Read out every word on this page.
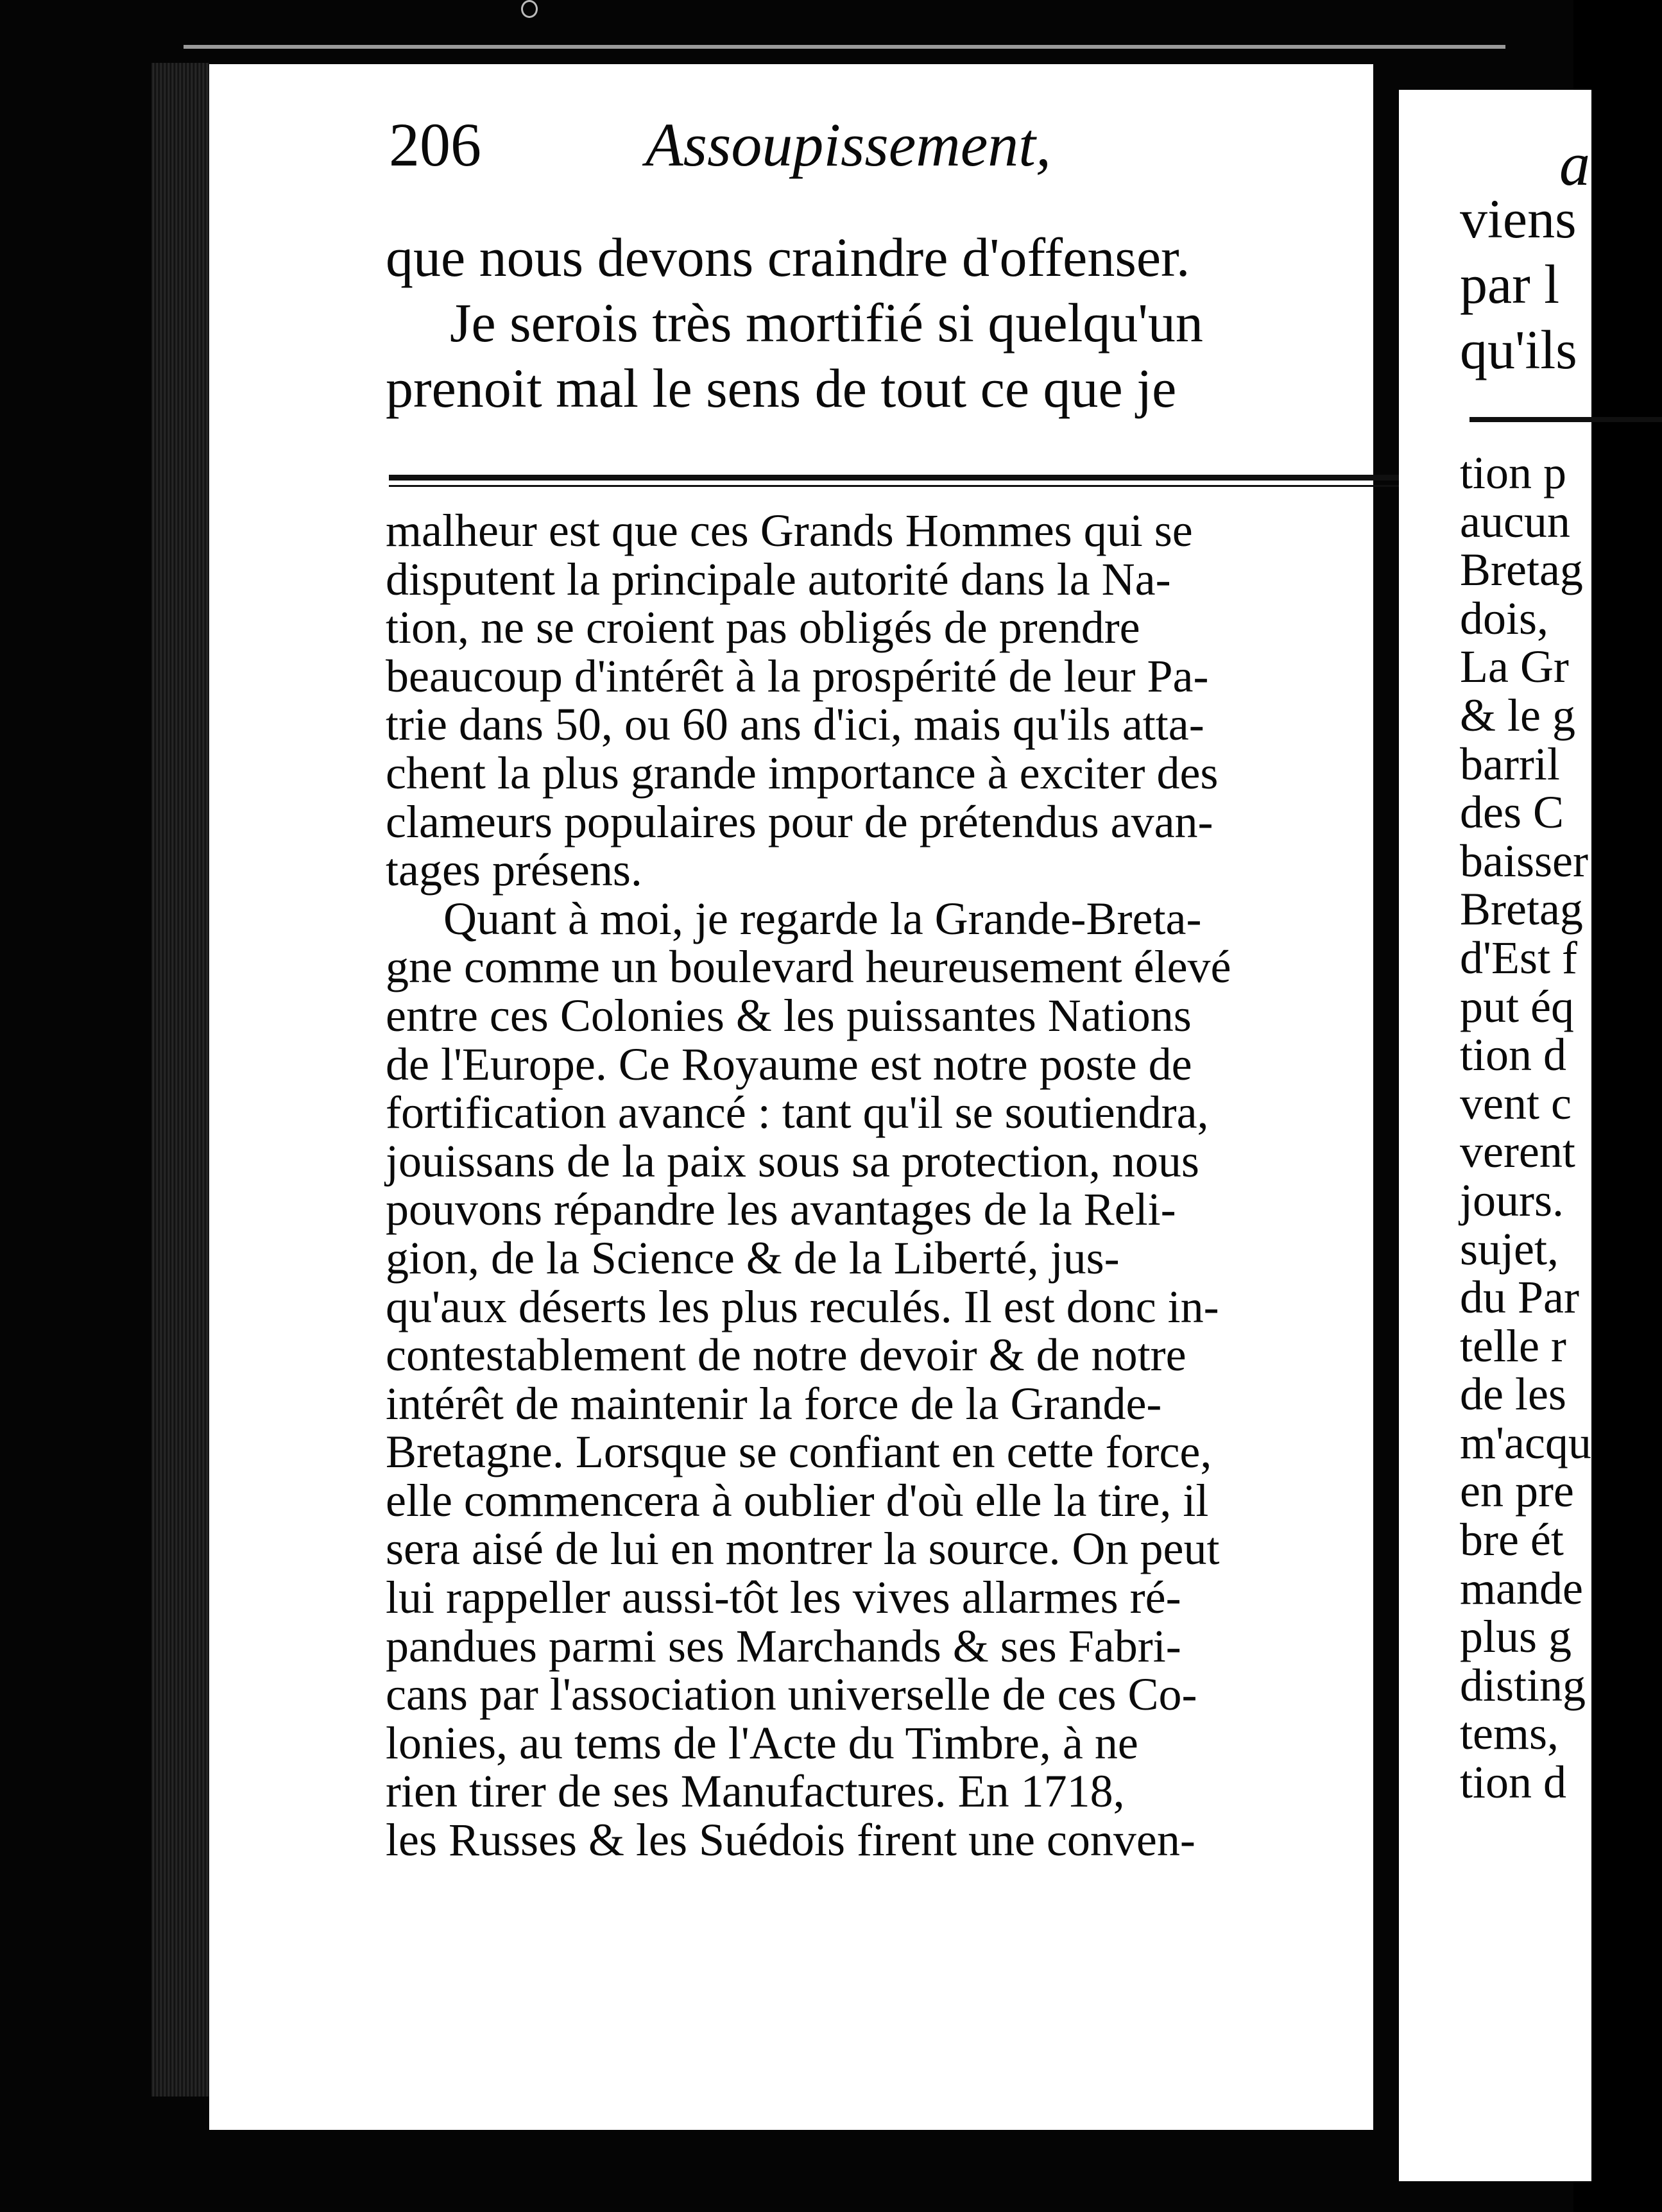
206	Assoupissement,
que nous devons craindre d'offenser.
Je serois très mortifié si quelqu'un
prenoit mal le sens de tout ce que je
malheur est que ces Grands Hommes qui se
disputent la principale autorité dans la Na-
tion, ne se croient pas obligés de prendre
beaucoup d'intérêt à la prospérité de leur Pa-
trie dans 50, ou 60 ans d'ici, mais qu'ils atta-
chent la plus grande importance à exciter des
clameurs populaires pour de prétendus avan-
tages présens.
Quant à moi, je regarde la Grande-Breta-
gne comme un boulevard heureusement élevé
entre ces Colonies & les puissantes Nations
de l'Europe. Ce Royaume est notre poste de
fortification avancé : tant qu'il se soutiendra,
jouissans de la paix sous sa protection, nous
pouvons répandre les avantages de la Reli-
gion, de la Science & de la Liberté, jus-
qu'aux déserts les plus reculés. Il est donc in-
contestablement de notre devoir & de notre
intérêt de maintenir la force de la Grande-
Bretagne. Lorsque se confiant en cette force,
elle commencera à oublier d'où elle la tire, il
sera aisé de lui en montrer la source. On peut
lui rappeller aussi-tôt les vives allarmes ré-
pandues parmi ses Marchands & ses Fabri-
cans par l'association universelle de ces Co-
lonies, au tems de l'Acte du Timbre, à ne
rien tirer de ses Manufactures. En 1718,
les Russes & les Suédois firent une conven-
a
viens
par l
qu'ils
tion p
aucun
Bretag
dois,
La Gr
& le g
barril
des C
baisser
Bretag
d'Est f
put éq
tion d
vent c
verent
jours.
sujet,
du Par
telle r
de les
m'acqu
en pre
bre ét
mande
plus g
disting
tems,
tion d
